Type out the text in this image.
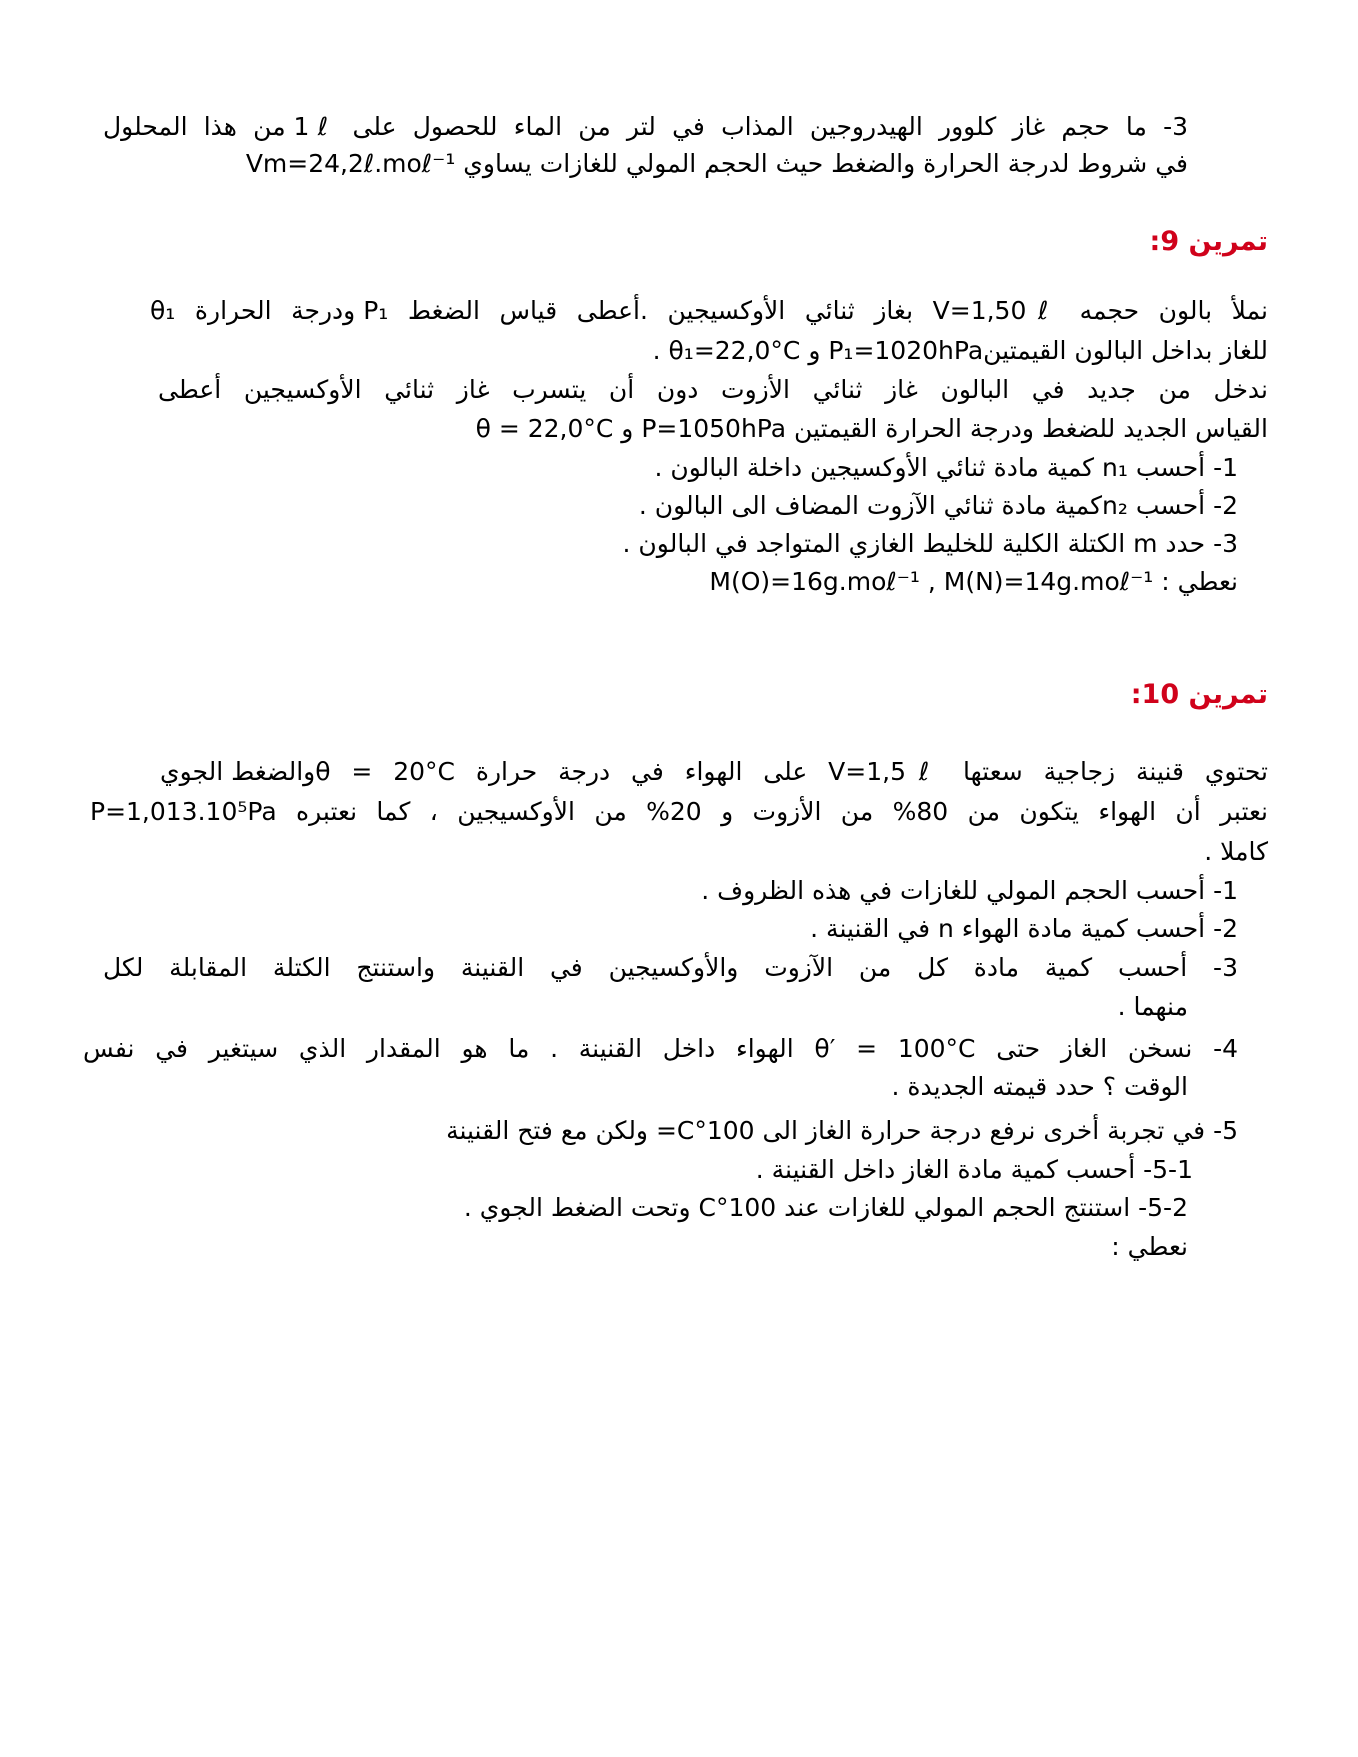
3- ما حجم غاز كلوور الهيدروجين المذاب في لتر من الماء للحصول على 1ℓ من هذا المحلول
في شروط لدرجة الحرارة والضغط حيث الحجم المولي للغازات يساوي Vm=24,2ℓ.moℓ⁻¹
تمرين 9:
نملأ بالون حجمه V=1,50ℓ بغاز ثنائي الأوكسيجين .أعطى قياس الضغط P₁ ودرجة الحرارة θ₁
للغاز بداخل البالون القيمتينP₁=1020hPa و θ₁=22,0°C .
ندخل من جديد في البالون غاز ثنائي الأزوت دون أن يتسرب غاز ثنائي الأوكسيجين أعطى
القياس الجديد للضغط ودرجة الحرارة القيمتين P=1050hPa و θ = 22,0°C
1- أحسب n₁ كمية مادة ثنائي الأوكسيجين داخلة البالون .
2- أحسب n₂كمية مادة ثنائي الآزوت المضاف الى البالون .
3- حدد m الكتلة الكلية للخليط الغازي المتواجد في البالون .
نعطي : M(O)=16g.moℓ⁻¹ , M(N)=14g.moℓ⁻¹
تمرين 10:
تحتوي قنينة زجاجية سعتها V=1,5ℓ على الهواء في درجة حرارة θ = 20°Cوالضغط الجوي
P=1,013.10⁵Pa نعتبر أن الهواء يتكون من 80% من الأزوت و 20% من الأوكسيجين ، كما نعتبره
كاملا .
1- أحسب الحجم المولي للغازات في هذه الظروف .
2- أحسب كمية مادة الهواء n في القنينة .
3- أحسب كمية مادة كل من الآزوت والأوكسيجين في القنينة واستنتج الكتلة المقابلة لكل
منهما .
4- نسخن الغاز حتى θ′ = 100°C الهواء داخل القنينة . ما هو المقدار الذي سيتغير في نفس
الوقت ؟ حدد قيمته الجديدة .
5- في تجربة أخرى نرفع درجة حرارة الغاز الى 100°C= ولكن مع فتح القنينة
5-1- أحسب كمية مادة الغاز داخل القنينة .
5-2- استنتج الحجم المولي للغازات عند 100°C وتحت الضغط الجوي .
نعطي :
